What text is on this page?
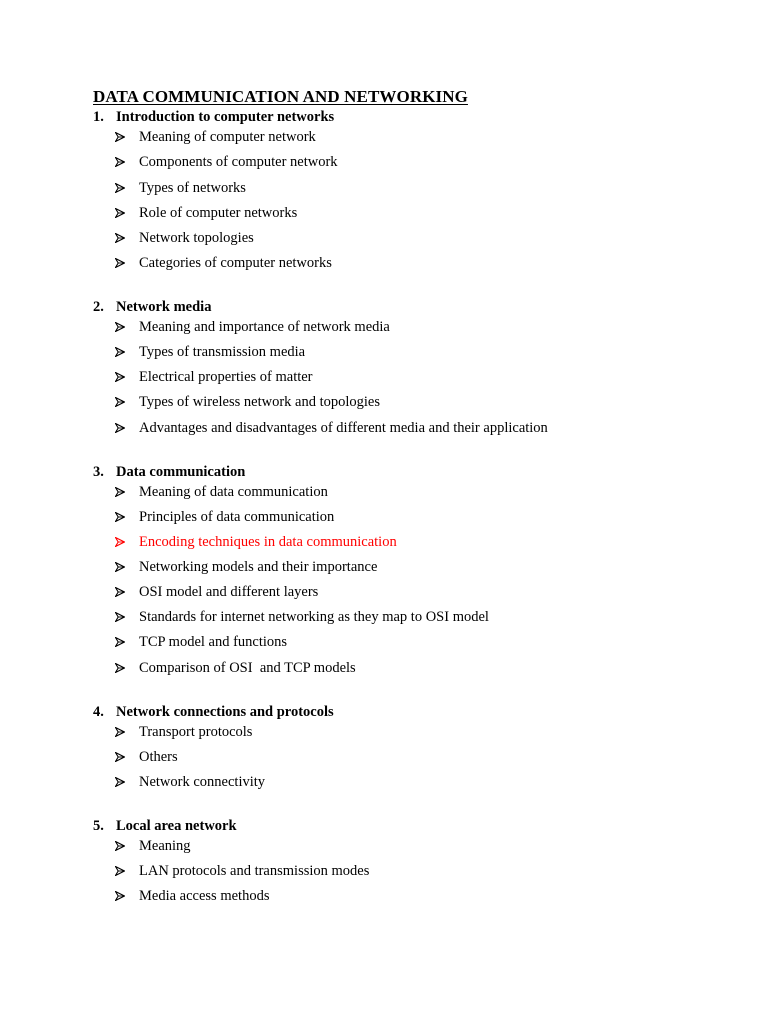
DATA COMMUNICATION AND NETWORKING
1. Introduction to computer networks
Meaning of computer network
Components of computer network
Types of networks
Role of computer networks
Network topologies
Categories of computer networks
2. Network media
Meaning and importance of network media
Types of transmission media
Electrical properties of matter
Types of wireless network and topologies
Advantages and disadvantages of different media and their application
3. Data communication
Meaning of data communication
Principles of data communication
Encoding techniques in data communication
Networking models and their importance
OSI model and different layers
Standards for internet networking as they map to OSI model
TCP model and functions
Comparison of OSI  and TCP models
4. Network connections and protocols
Transport protocols
Others
Network connectivity
5. Local area network
Meaning
LAN protocols and transmission modes
Media access methods
